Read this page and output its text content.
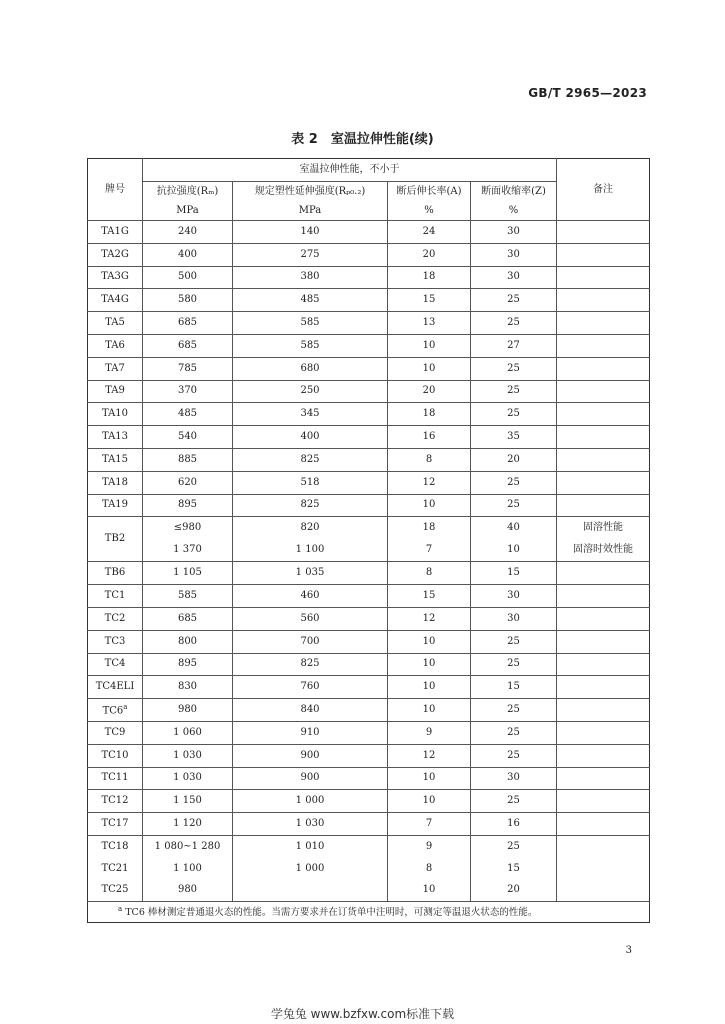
GB/T 2965—2023
表 2　室温拉伸性能(续)
牌号	室温拉伸性能，不小于				备注
	抗拉强度(Rₘ)	规定塑性延伸强度(Rₚ₀.₂)	断后伸长率(A)	断面收缩率(Z)	
	MPa	MPa	%	%	
TA1G	240	140	24	30	
TA2G	400	275	20	30	
TA3G	500	380	18	30	
TA4G	580	485	15	25	
TA5	685	585	13	25	
TA6	685	585	10	27	
TA7	785	680	10	25	
TA9	370	250	20	25	
TA10	485	345	18	25	
TA13	540	400	16	35	
TA15	885	825	8	20	
TA18	620	518	12	25	
TA19	895	825	10	25	
TB2	≤980	820	18	40	固溶性能
	1 370	1 100	7	10	固溶时效性能
TB6	1 105	1 035	8	15	
TC1	585	460	15	30	
TC2	685	560	12	30	
TC3	800	700	10	25	
TC4	895	825	10	25	
TC4ELI	830	760	10	15	
TC6$^a$	980	840	10	25	
TC9	1 060	910	9	25	
TC10	1 030	900	12	25	
TC11	1 030	900	10	30	
TC12	1 150	1 000	10	25	
TC17	1 120	1 030	7	16	
TC18	1 080~1 280	1 010	9	25	
TC21	1 100	1 000	8	15	
TC25	980		10	20	
$^a$ TC6 棒材测定普通退火态的性能。当需方要求并在订货单中注明时，可测定等温退火状态的性能。					
3
学兔兔 www.bzfxw.com标准下载
